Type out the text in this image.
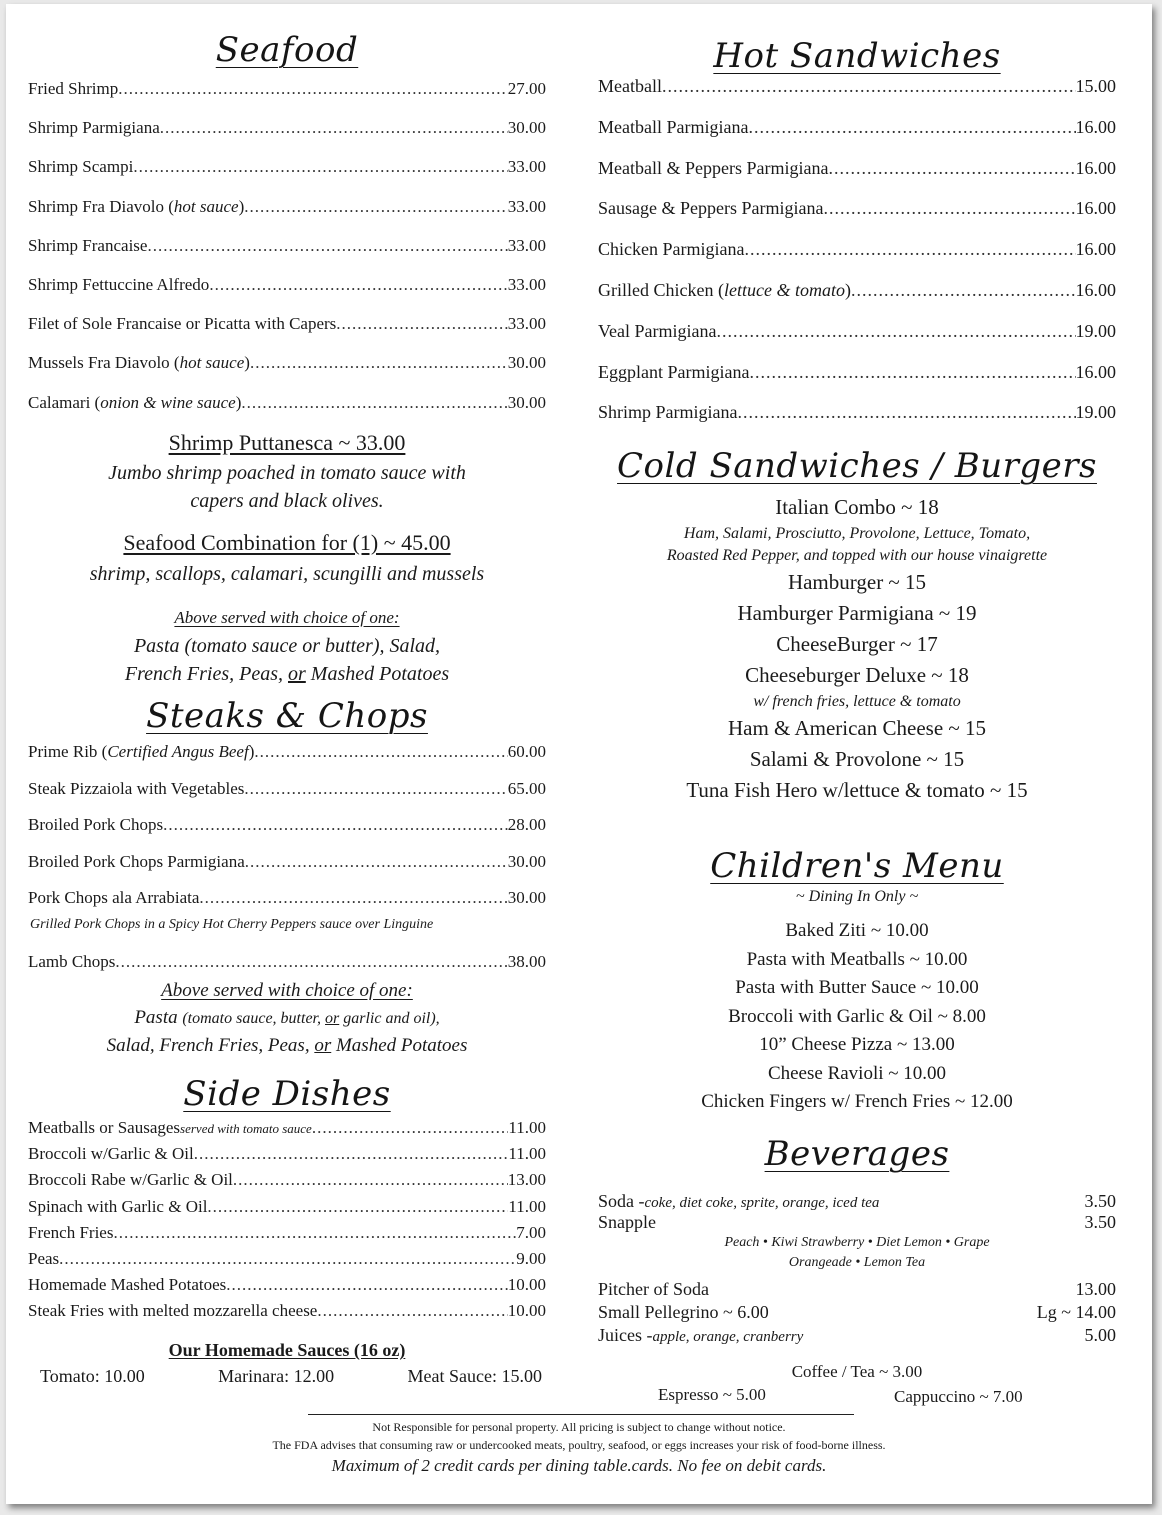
Seafood
Fried Shrimp .....	27.00
Shrimp Parmigiana .....	30.00
Shrimp Scampi .....	33.00
Shrimp Fra Diavolo ( hot sauce ) .....	33.00
Shrimp Francaise .....	33.00
Shrimp Fettuccine Alfredo .....	33.00
Filet of Sole Francaise or Picatta with Capers .....	33.00
Mussels Fra Diavolo ( hot sauce ) .....	30.00
Calamari ( onion & wine sauce ) .....	30.00
Shrimp Puttanesca ~ 33.00
Jumbo shrimp poached in tomato sauce with
capers and black olives.
Seafood Combination for (1) ~ 45.00
shrimp, scallops, calamari, scungilli and mussels
Above served with choice of one:
Pasta (tomato sauce or butter), Salad,
French Fries, Peas, or Mashed Potatoes
Steaks & Chops
Prime Rib ( Certified Angus Beef ) .....	60.00
Steak Pizzaiola with Vegetables .....	65.00
Broiled Pork Chops .....	28.00
Broiled Pork Chops Parmigiana .....	30.00
Pork Chops ala Arrabiata .....	30.00
Grilled Pork Chops in a Spicy Hot Cherry Peppers sauce over Linguine
Lamb Chops .....	38.00
Above served with choice of one:
Pasta (tomato sauce, butter, or garlic and oil),
Salad, French Fries, Peas, or Mashed Potatoes
Side Dishes
Meatballs or Sausages served with tomato sauce .....	11.00
Broccoli w/Garlic & Oil .....	11.00
Broccoli Rabe w/Garlic & Oil .....	13.00
Spinach with Garlic & Oil .....	11.00
French Fries .....	7.00
Peas .....	9.00
Homemade Mashed Potatoes .....	10.00
Steak Fries with melted mozzarella cheese .....	10.00
Our Homemade Sauces (16 oz)
Tomato: 10.00	Marinara: 12.00	Meat Sauce: 15.00
Hot Sandwiches
Meatball .....	15.00
Meatball Parmigiana .....	16.00
Meatball & Peppers Parmigiana .....	16.00
Sausage & Peppers Parmigiana .....	16.00
Chicken Parmigiana .....	16.00
Grilled Chicken ( lettuce & tomato ) .....	16.00
Veal Parmigiana .....	19.00
Eggplant Parmigiana .....	16.00
Shrimp Parmigiana .....	19.00
Cold Sandwiches / Burgers
Italian Combo ~ 18
Ham, Salami, Prosciutto, Provolone, Lettuce, Tomato,
Roasted Red Pepper, and topped with our house vinaigrette
Hamburger ~ 15
Hamburger Parmigiana ~ 19
CheeseBurger ~ 17
Cheeseburger Deluxe ~ 18
w/ french fries, lettuce & tomato
Ham & American Cheese ~ 15
Salami & Provolone ~ 15
Tuna Fish Hero w/lettuce & tomato ~ 15
Children's Menu
~ Dining In Only ~
Baked Ziti ~ 10.00
Pasta with Meatballs ~ 10.00
Pasta with Butter Sauce ~ 10.00
Broccoli with Garlic & Oil ~ 8.00
10” Cheese Pizza ~ 13.00
Cheese Ravioli ~ 10.00
Chicken Fingers w/ French Fries ~ 12.00
Beverages
Soda - coke, diet coke, sprite, orange, iced tea	3.50
Snapple	3.50
Peach • Kiwi Strawberry • Diet Lemon • Grape
Orangeade • Lemon Tea
Pitcher of Soda	13.00
Small Pellegrino ~ 6.00	Lg ~ 14.00
Juices - apple, orange, cranberry	5.00
Coffee / Tea ~ 3.00
Espresso ~ 5.00	Cappuccino ~ 7.00
Not Responsible for personal property. All pricing is subject to change without notice.
The FDA advises that consuming raw or undercooked meats, poultry, seafood, or eggs increases your risk of food-borne illness.
Maximum of 2 credit cards per dining table.cards. No fee on debit cards.
